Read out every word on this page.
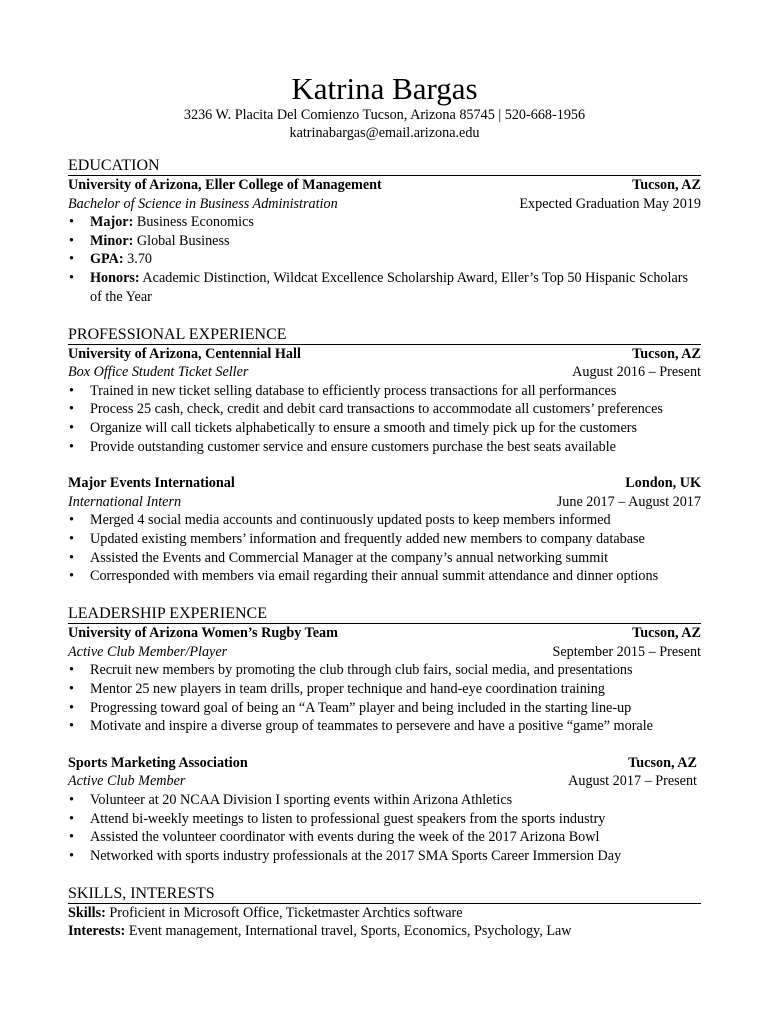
Katrina Bargas
3236 W. Placita Del Comienzo Tucson, Arizona 85745 | 520-668-1956
katrinabargas@email.arizona.edu
EDUCATION
University of Arizona, Eller College of Management	Tucson, AZ
Bachelor of Science in Business Administration	Expected Graduation May 2019
• Major: Business Economics
• Minor: Global Business
• GPA: 3.70
• Honors: Academic Distinction, Wildcat Excellence Scholarship Award, Eller’s Top 50 Hispanic Scholars of the Year
PROFESSIONAL EXPERIENCE
University of Arizona, Centennial Hall	Tucson, AZ
Box Office Student Ticket Seller	August 2016 – Present
• Trained in new ticket selling database to efficiently process transactions for all performances
• Process 25 cash, check, credit and debit card transactions to accommodate all customers’ preferences
• Organize will call tickets alphabetically to ensure a smooth and timely pick up for the customers
• Provide outstanding customer service and ensure customers purchase the best seats available
Major Events International	London, UK
International Intern	June 2017 – August 2017
• Merged 4 social media accounts and continuously updated posts to keep members informed
• Updated existing members’ information and frequently added new members to company database
• Assisted the Events and Commercial Manager at the company’s annual networking summit
• Corresponded with members via email regarding their annual summit attendance and dinner options
LEADERSHIP EXPERIENCE
University of Arizona Women’s Rugby Team	Tucson, AZ
Active Club Member/Player	September 2015 – Present
• Recruit new members by promoting the club through club fairs, social media, and presentations
• Mentor 25 new players in team drills, proper technique and hand-eye coordination training
• Progressing toward goal of being an “A Team” player and being included in the starting line-up
• Motivate and inspire a diverse group of teammates to persevere and have a positive “game” morale
Sports Marketing Association	Tucson, AZ
Active Club Member	August 2017 – Present
• Volunteer at 20 NCAA Division I sporting events within Arizona Athletics
• Attend bi-weekly meetings to listen to professional guest speakers from the sports industry
• Assisted the volunteer coordinator with events during the week of the 2017 Arizona Bowl
• Networked with sports industry professionals at the 2017 SMA Sports Career Immersion Day
SKILLS, INTERESTS
Skills: Proficient in Microsoft Office, Ticketmaster Archtics software
Interests: Event management, International travel, Sports, Economics, Psychology, Law
